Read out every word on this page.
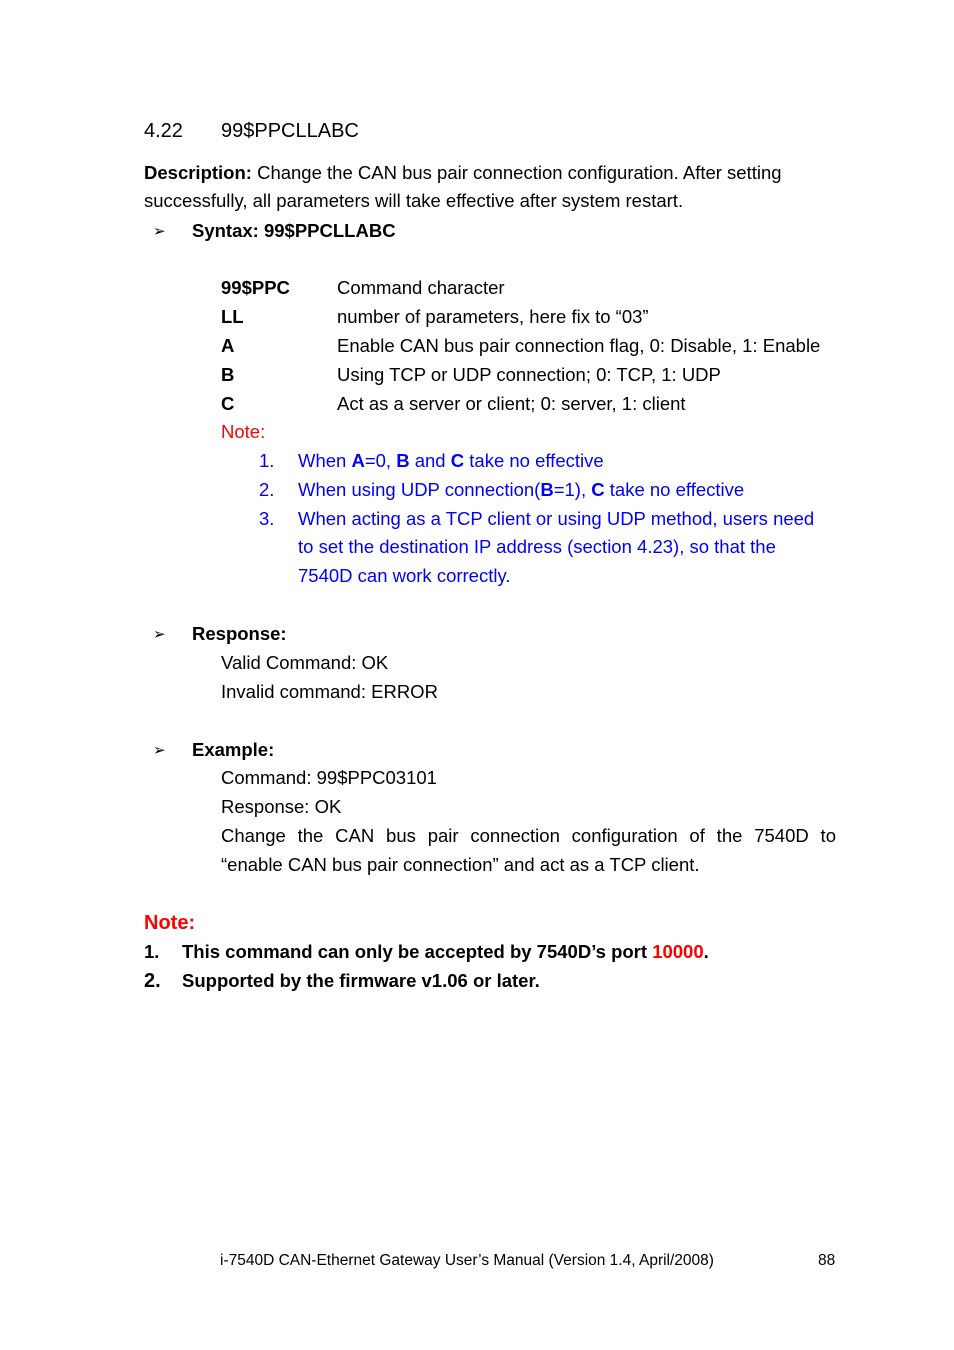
4.22 99$PPCLLABC
Description: Change the CAN bus pair connection configuration. After setting
successfully, all parameters will take effective after system restart.
➢ Syntax: 99$PPCLLABC
99$PPC	Command character
LL	number of parameters, here fix to “03”
A	Enable CAN bus pair connection flag, 0: Disable, 1: Enable
B	Using TCP or UDP connection; 0: TCP, 1: UDP
C	Act as a server or client; 0: server, 1: client
Note:
1. When A=0, B and C take no effective
2. When using UDP connection(B=1), C take no effective
3. When acting as a TCP client or using UDP method, users need
to set the destination IP address (section 4.23), so that the
7540D can work correctly.
➢ Response:
Valid Command: OK
Invalid command: ERROR
➢ Example:
Command: 99$PPC03101
Response: OK
Change the CAN bus pair connection configuration of the 7540D to
“enable CAN bus pair connection” and act as a TCP client.
Note:
1. This command can only be accepted by 7540D’s port 10000.
2. Supported by the firmware v1.06 or later.
i-7540D CAN-Ethernet Gateway User’s Manual (Version 1.4, April/2008)	88
